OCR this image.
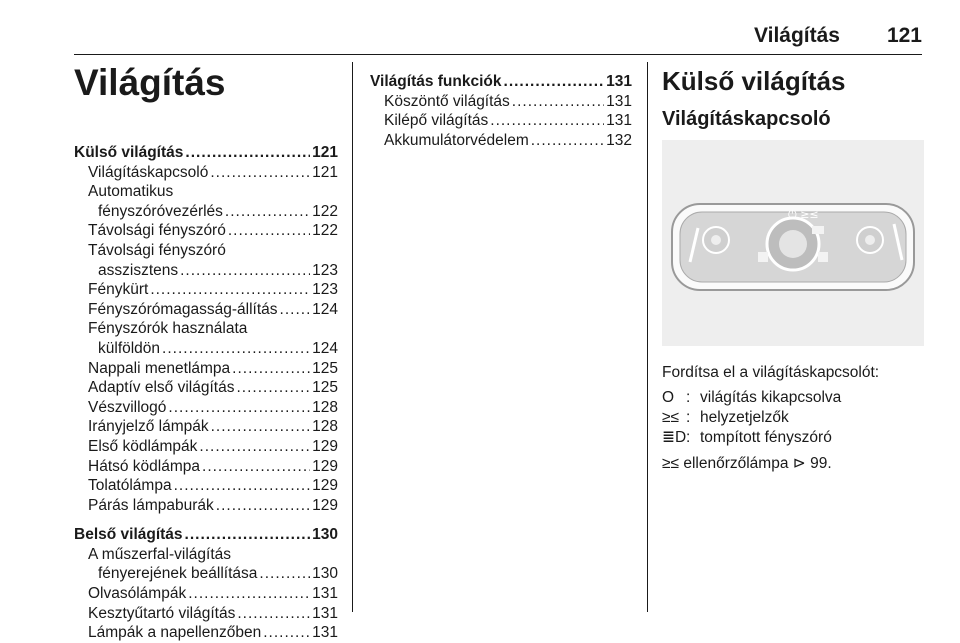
Világítás 121
Világítás
Külső világítás .....	121
Világításkapcsoló .....	121
Automatikus
fényszóróvezérlés .....	122
Távolsági fényszóró .....	122
Távolsági fényszóró
asszisztens .....	123
Fénykürt .....	123
Fényszórómagasság-állítás ..... 124
Fényszórók használata
külföldön .....	124
Nappali menetlámpa .....	125
Adaptív első világítás .....	125
Vészvillogó .....	128
Irányjelző lámpák .....	128
Első ködlámpák .....	129
Hátsó ködlámpa .....	129
Tolatólámpa .....	129
Párás lámpaburák .....	129
Belső világítás .....	130
A műszerfal-világítás
fényerejének beállítása .....	130
Olvasólámpák .....	131
Kesztyűtartó világítás .....	131
Lámpák a napellenzőben .....	131
Világítás funkciók .....	131
Köszöntő világítás .....	131
Kilépő világítás .....	131
Akkumulátorvédelem .....	132
Külső világítás
Világításkapcsoló
⏻ ≥≤
Fordítsa el a világításkapcsolót:
O : világítás kikapcsolva
≥≤ : helyzetjelzők
≣D : tompított fényszóró
≥≤ ellenőrzőlámpa ⊳ 99.
